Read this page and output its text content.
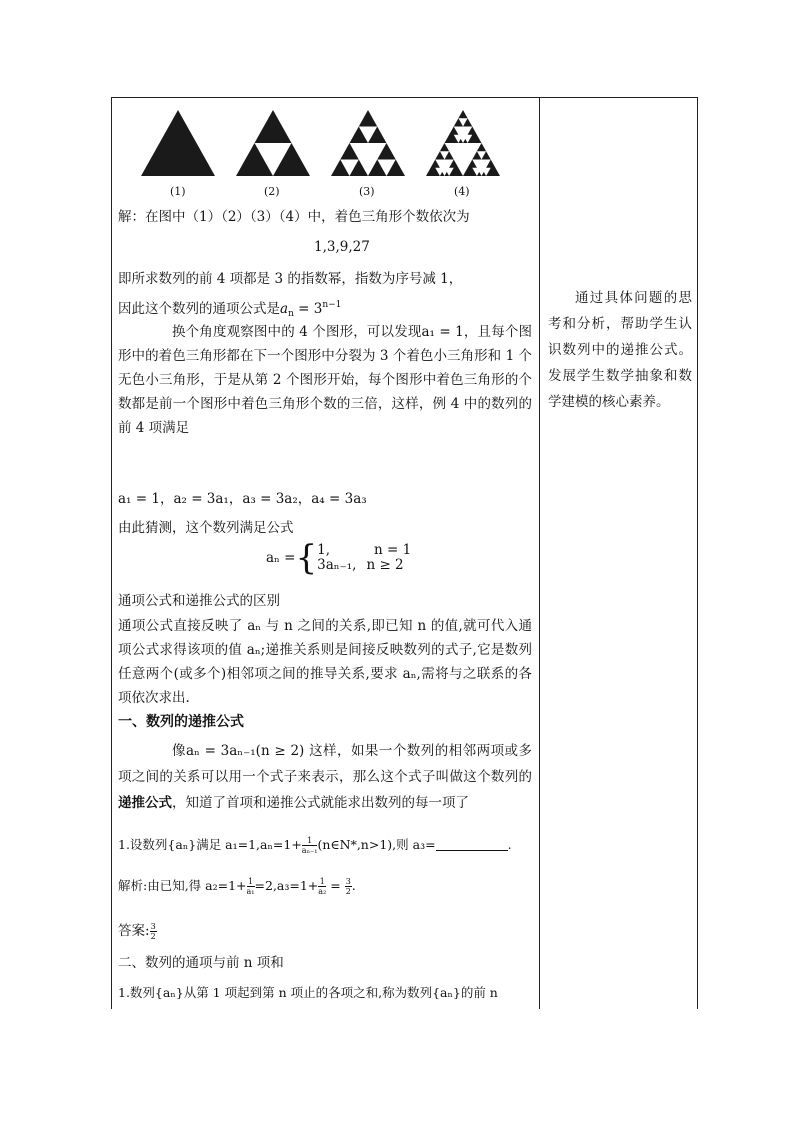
(1)	(2)	(3)	(4)
解：在图中（1）（2）（3）（4）中，着色三角形个数依次为
1,3,9,27
即所求数列的前 4 项都是 3 的指数幂，指数为序号减 1，
因此这个数列的通项公式是$a_n = 3^{n-1}$
换个角度观察图中的 4 个图形，可以发现a₁ = 1，且每个图形中的着色三角形都在下一个图形中分裂为 3 个着色小三角形和 1 个无色小三角形，于是从第 2 个图形开始，每个图形中着色三角形的个数都是前一个图形中着色三角形个数的三倍，这样，例 4 中的数列的前 4 项满足
a₁ = 1，a₂ = 3a₁，a₃ = 3a₂，a₄ = 3a₃
由此猜测，这个数列满足公式
aₙ ={ 1,	n = 1
3aₙ₋₁, n ≥ 2
通项公式和递推公式的区别
通项公式直接反映了 aₙ 与 n 之间的关系,即已知 n 的值,就可代入通项公式求得该项的值 aₙ;递推关系则是间接反映数列的式子,它是数列任意两个(或多个)相邻项之间的推导关系,要求 aₙ,需将与之联系的各项依次求出.
一、数列的递推公式
像aₙ = 3aₙ₋₁(n ≥ 2) 这样，如果一个数列的相邻两项或多项之间的关系可以用一个式子来表示，那么这个式子叫做这个数列的递推公式，知道了首项和递推公式就能求出数列的每一项了
1.设数列{aₙ}满足 $a_1=1,a_n=1+ \frac{1}{\text{aₙ₋₁}}$ (n∈N*,n>1),则 a₃=	.
解析:由已知,得 $a_2=1+ \frac{1}{\text{a₁}} =2,a_3=1+ \frac{1}{\text{a₂}} = \frac{3}{2}$ .
答案: $\frac{3}{2}$
二、数列的通项与前 n 项和
1.数列{aₙ}从第 1 项起到第 n 项止的各项之和,称为数列{aₙ}的前 n
通过具体问题的思考和分析，帮助学生认识数列中的递推公式。发展学生数学抽象和数学建模的核心素养。
